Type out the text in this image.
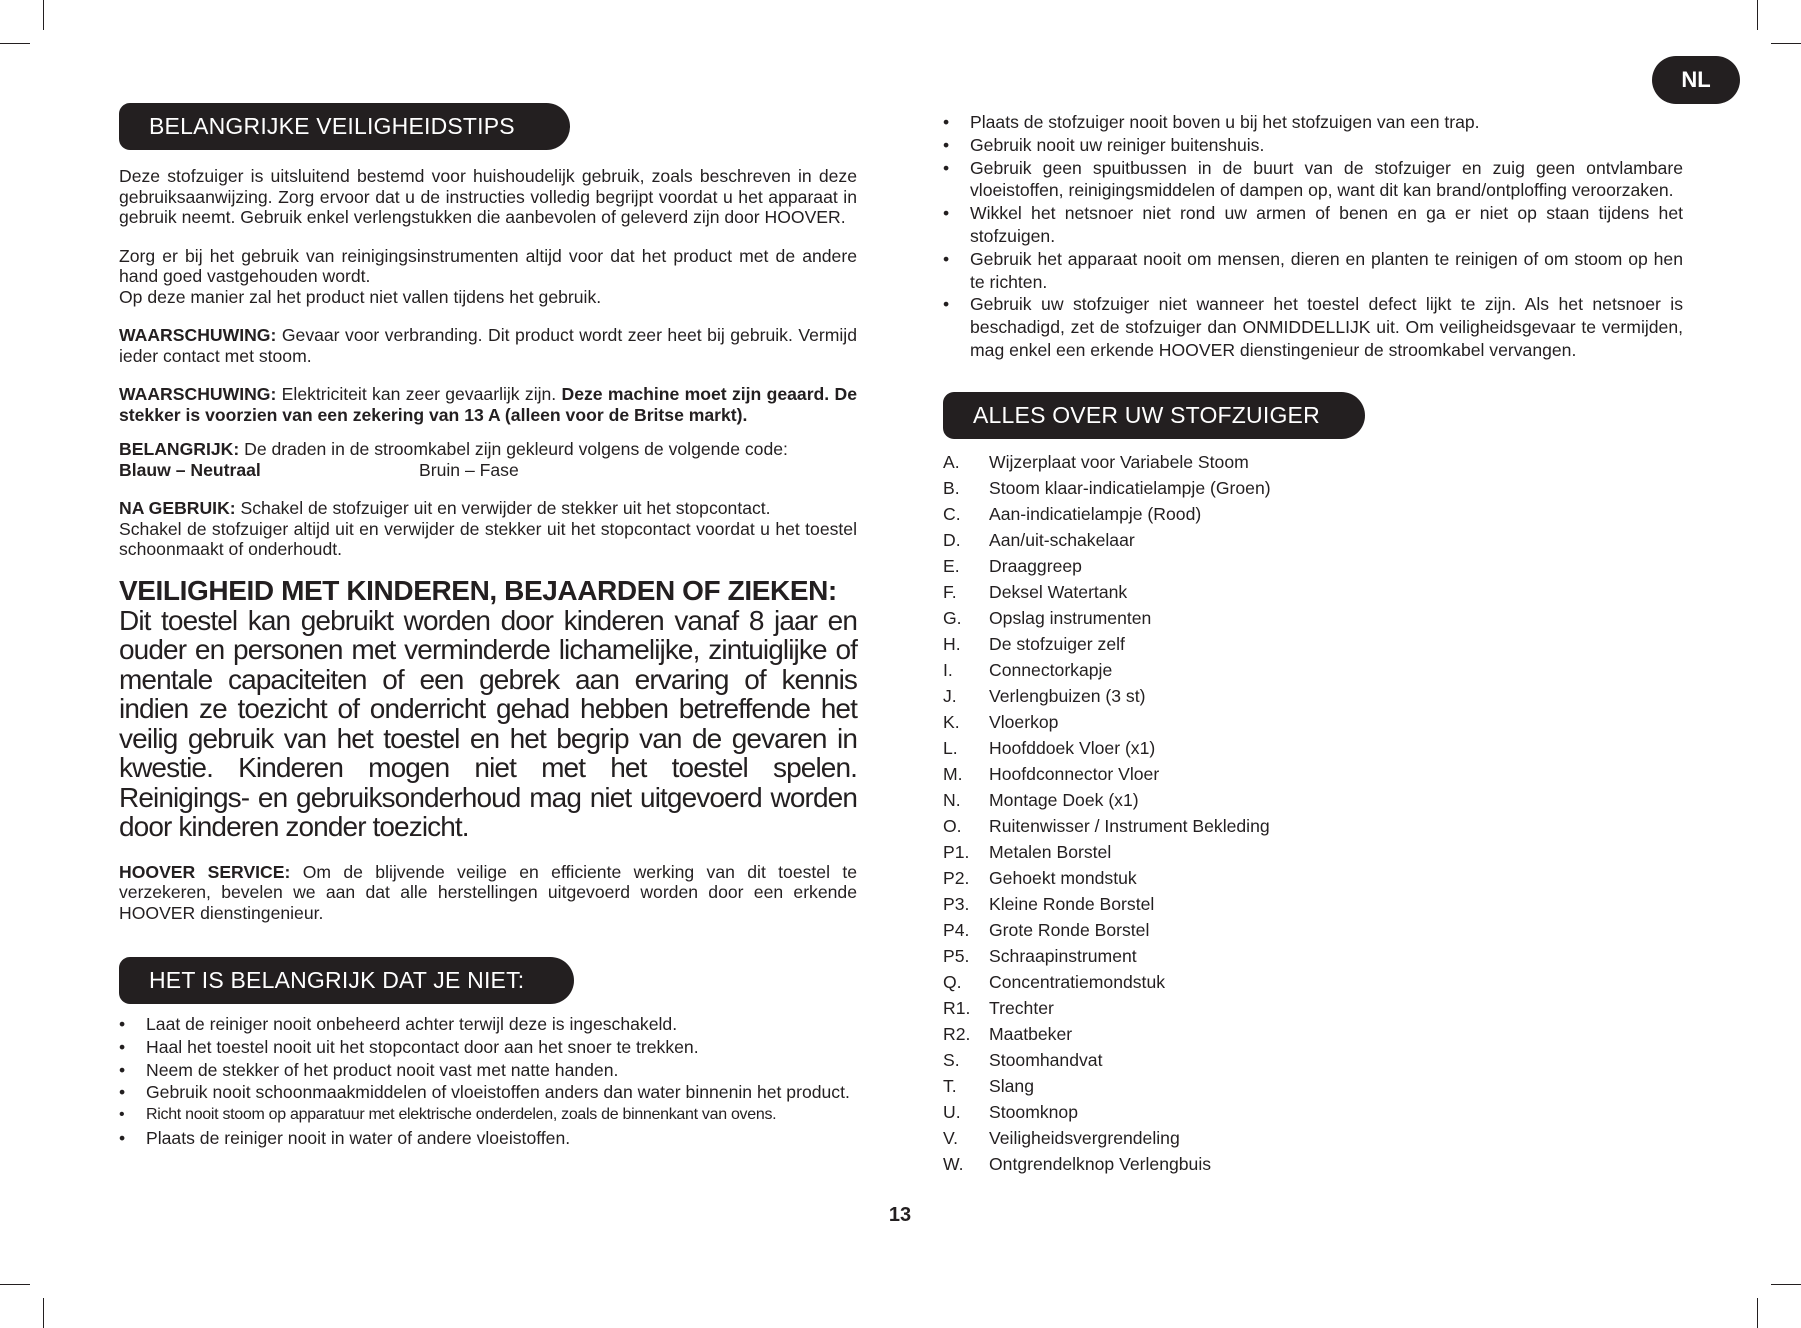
NL
BELANGRIJKE VEILIGHEIDSTIPS

Deze stofzuiger is uitsluitend bestemd voor huishoudelijk gebruik, zoals beschreven in deze gebruiksaanwijzing. Zorg ervoor dat u de instructies volledig begrijpt voordat u het apparaat in gebruik neemt. Gebruik enkel verlengstukken die aanbevolen of geleverd zijn door HOOVER.

Zorg er bij het gebruik van reinigingsinstrumenten altijd voor dat het product met de andere hand goed vastgehouden wordt.
Op deze manier zal het product niet vallen tijdens het gebruik.

WAARSCHUWING: Gevaar voor verbranding. Dit product wordt zeer heet bij gebruik. Vermijd ieder contact met stoom.

WAARSCHUWING: Elektriciteit kan zeer gevaarlijk zijn. Deze machine moet zijn geaard. De stekker is voorzien van een zekering van 13 A (alleen voor de Britse markt).

BELANGRIJK: De draden in de stroomkabel zijn gekleurd volgens de volgende code:
Blauw – Neutraal	Bruin – Fase

NA GEBRUIK: Schakel de stofzuiger uit en verwijder de stekker uit het stopcontact.
Schakel de stofzuiger altijd uit en verwijder de stekker uit het stopcontact voordat u het toestel schoonmaakt of onderhoudt.

VEILIGHEID MET KINDEREN, BEJAARDEN OF ZIEKEN:

Dit toestel kan gebruikt worden door kinderen vanaf 8 jaar en ouder en personen met verminderde lichamelijke, zintuiglijke of mentale capaciteiten of een gebrek aan ervaring of kennis indien ze toezicht of onderricht gehad hebben betreffende het veilig gebruik van het toestel en het begrip van de gevaren in kwestie. Kinderen mogen niet met het toestel spelen. Reinigings- en gebruiksonderhoud mag niet uitgevoerd worden door kinderen zonder toezicht.

HOOVER SERVICE: Om de blijvende veilige en efficiente werking van dit toestel te verzekeren, bevelen we aan dat alle herstellingen uitgevoerd worden door een erkende HOOVER dienstingenieur.

HET IS BELANGRIJK DAT JE NIET:
• Laat de reiniger nooit onbeheerd achter terwijl deze is ingeschakeld.
• Haal het toestel nooit uit het stopcontact door aan het snoer te trekken.
• Neem de stekker of het product nooit vast met natte handen.
• Gebruik nooit schoonmaakmiddelen of vloeistoffen anders dan water binnenin het product.
• Richt nooit stoom op apparatuur met elektrische onderdelen, zoals de binnenkant van ovens.
• Plaats de reiniger nooit in water of andere vloeistoffen.
• Plaats de stofzuiger nooit boven u bij het stofzuigen van een trap.
• Gebruik nooit uw reiniger buitenshuis.
• Gebruik geen spuitbussen in de buurt van de stofzuiger en zuig geen ontvlambare vloeistoffen, reinigingsmiddelen of dampen op, want dit kan brand/ontploffing veroorzaken.
• Wikkel het netsnoer niet rond uw armen of benen en ga er niet op staan tijdens het stofzuigen.
• Gebruik het apparaat nooit om mensen, dieren en planten te reinigen of om stoom op hen te richten.
• Gebruik uw stofzuiger niet wanneer het toestel defect lijkt te zijn. Als het netsnoer is beschadigd, zet de stofzuiger dan ONMIDDELLIJK uit. Om veiligheidsgevaar te vermijden, mag enkel een erkende HOOVER dienstingenieur de stroomkabel vervangen.
ALLES OVER UW STOFZUIGER
A. Wijzerplaat voor Variabele Stoom
B. Stoom klaar-indicatielampje (Groen)
C. Aan-indicatielampje (Rood)
D. Aan/uit-schakelaar
E. Draaggreep
F. Deksel Watertank
G. Opslag instrumenten
H. De stofzuiger zelf
I. Connectorkapje
J. Verlengbuizen (3 st)
K. Vloerkop
L. Hoofddoek Vloer (x1)
M. Hoofdconnector Vloer
N. Montage Doek (x1)
O. Ruitenwisser / Instrument Bekleding
P1. Metalen Borstel
P2. Gehoekt mondstuk
P3. Kleine Ronde Borstel
P4. Grote Ronde Borstel
P5. Schraapinstrument
Q. Concentratiemondstuk
R1. Trechter
R2. Maatbeker
S. Stoomhandvat
T. Slang
U. Stoomknop
V. Veiligheidsvergrendeling
W. Ontgrendelknop Verlengbuis
13
